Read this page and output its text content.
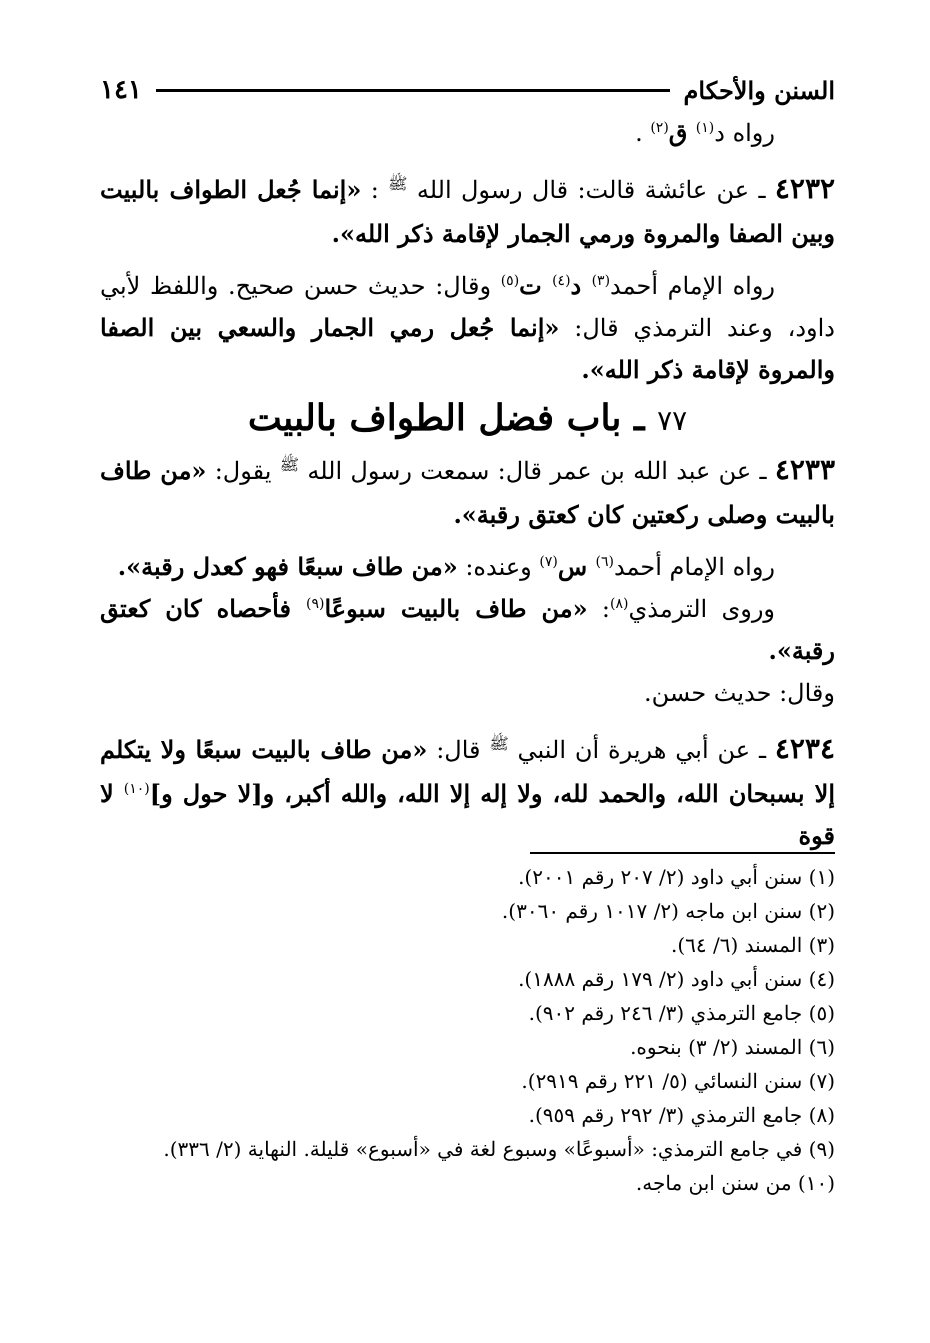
السنن والأحكام
١٤١

رواه د$^{(١)}$ ق$^{(٢)}$ .

٤٢٣٢ ـ عن عائشة قالت: قال رسول الله $^ﷺ$ : «إنما جُعل الطواف بالبيت وبين الصفا والمروة ورمي الجمار لإقامة ذكر الله».

رواه الإمام أحمد$^{(٣)}$ د$^{(٤)}$ ت$^{(٥)}$ وقال: حديث حسن صحيح. واللفظ لأبي داود، وعند الترمذي قال: «إنما جُعل رمي الجمار والسعي بين الصفا والمروة لإقامة ذكر الله».

٧٧ ـ باب فضل الطواف بالبيت

٤٢٣٣ ـ عن عبد الله بن عمر قال: سمعت رسول الله $^ﷺ$ يقول: «من طاف بالبيت وصلى ركعتين كان كعتق رقبة».

رواه الإمام أحمد$^{(٦)}$ س$^{(٧)}$ وعنده: «من طاف سبعًا فهو كعدل رقبة».

وروى الترمذي$^{(٨)}$: «من طاف بالبيت سبوعًا$^{(٩)}$ فأحصاه كان كعتق رقبة».

وقال: حديث حسن.

٤٢٣٤ ـ عن أبي هريرة أن النبي $^ﷺ$ قال: «من طاف بالبيت سبعًا ولا يتكلم إلا بسبحان الله، والحمد لله، ولا إله إلا الله، والله أكبر، و[لا حول و]$^{(١٠)}$ لا قوة

(١) سنن أبي داود (٢/ ٢٠٧ رقم ٢٠٠١).
(٢) سنن ابن ماجه (٢/ ١٠١٧ رقم ٣٠٦٠).
(٣) المسند (٦/ ٦٤).
(٤) سنن أبي داود (٢/ ١٧٩ رقم ١٨٨٨).
(٥) جامع الترمذي (٣/ ٢٤٦ رقم ٩٠٢).
(٦) المسند (٢/ ٣) بنحوه.
(٧) سنن النسائي (٥/ ٢٢١ رقم ٢٩١٩).
(٨) جامع الترمذي (٣/ ٢٩٢ رقم ٩٥٩).
(٩) في جامع الترمذي: «أسبوعًا» وسبوع لغة في «أسبوع» قليلة. النهاية (٢/ ٣٣٦).
(١٠) من سنن ابن ماجه.
